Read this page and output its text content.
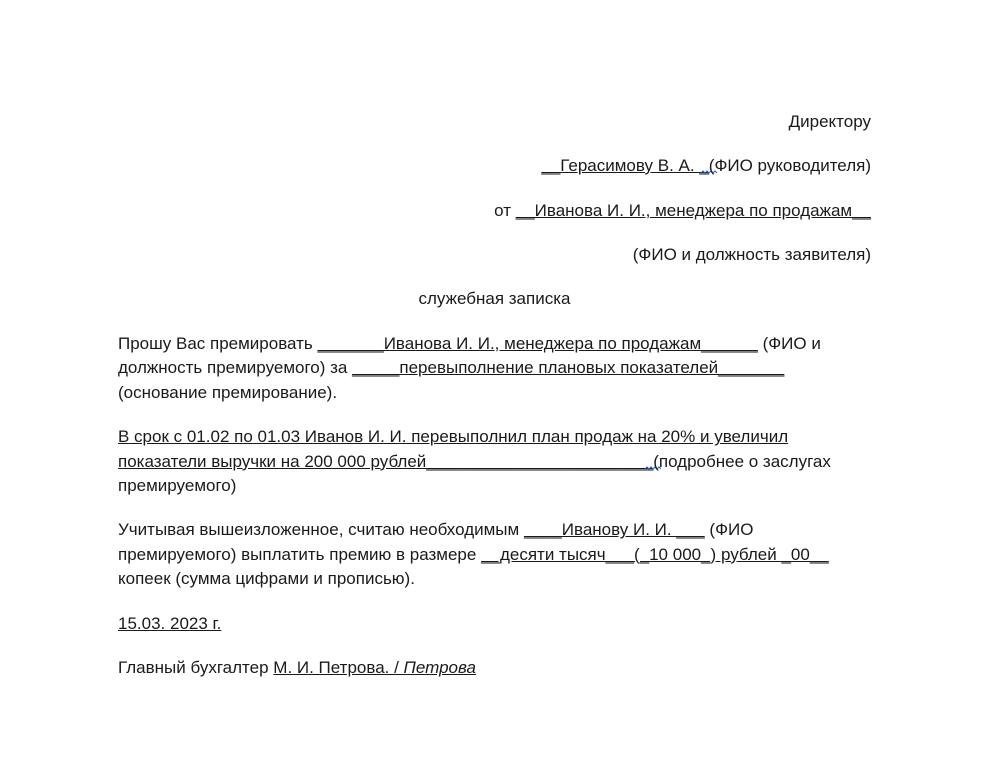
Директору
__Герасимову В. А. _
(ФИО руководителя)
от __Иванова И. И., менеджера по продажам__
(ФИО и должность заявителя)
служебная записка
Прошу Вас премировать _______Иванова И. И., менеджера по продажам______ (ФИО и должность премируемого) за _____перевыполнение плановых показателей_______ (основание премирование).
В срок с 01.02 по 01.03 Иванов И. И. перевыполнил план продаж на 20% и увеличил показатели выручки на 200 000 рублей________________________
(подробнее о заслугах премируемого)
Учитывая вышеизложенное, считаю необходимым ____Иванову И. И. ___ (ФИО премируемого) выплатить премию в размере __десяти тысяч___(_10 000_) рублей _00__ копеек (сумма цифрами и прописью).
15.03. 2023 г.
Главный бухгалтер М. И. Петрова. / Петрова
